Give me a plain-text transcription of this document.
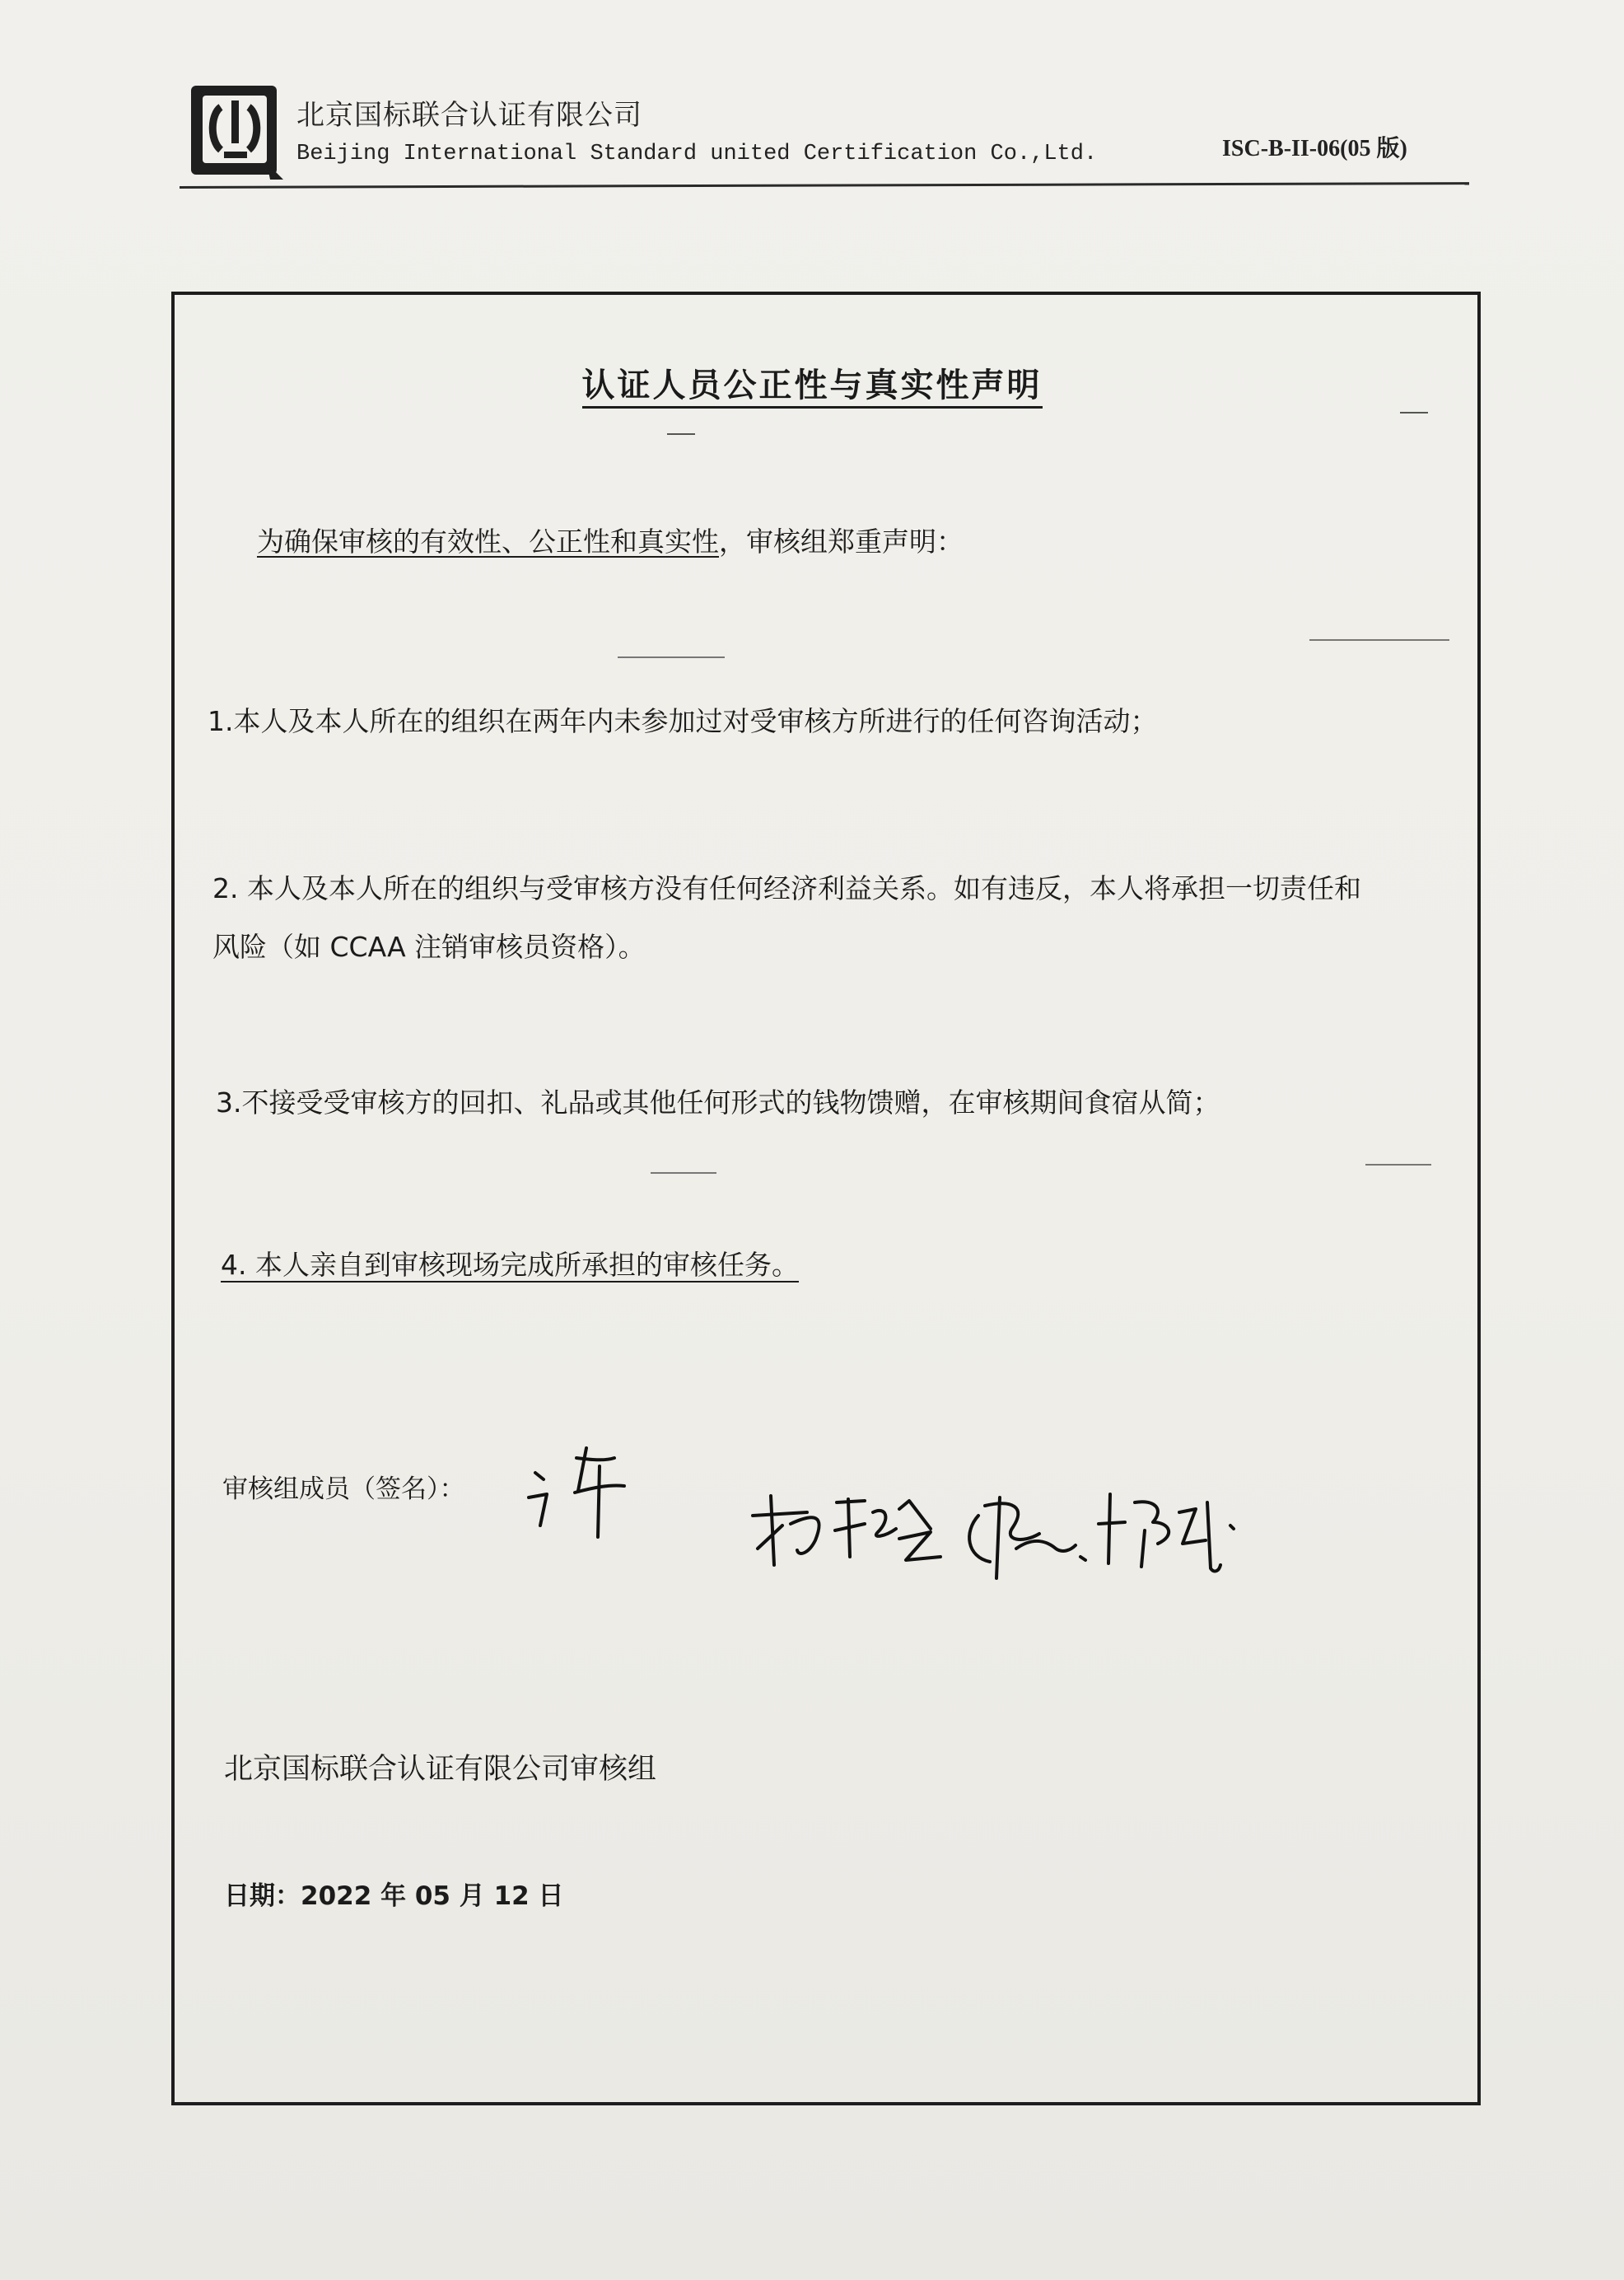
北京国标联合认证有限公司
Beijing International Standard united Certification Co.,Ltd.	ISC-B-II-06(05 版)
认证人员公正性与真实性声明
为确保审核的有效性、公正性和真实性，审核组郑重声明：
1.本人及本人所在的组织在两年内未参加过对受审核方所进行的任何咨询活动；
2. 本人及本人所在的组织与受审核方没有任何经济利益关系。如有违反，本人将承担一切责任和
风险（如 CCAA 注销审核员资格）。
3.不接受受审核方的回扣、礼品或其他任何形式的钱物馈赠，在审核期间食宿从简；
4. 本人亲自到审核现场完成所承担的审核任务。
审核组成员（签名）：
北京国标联合认证有限公司审核组
日期：2022 年 05 月 12 日
